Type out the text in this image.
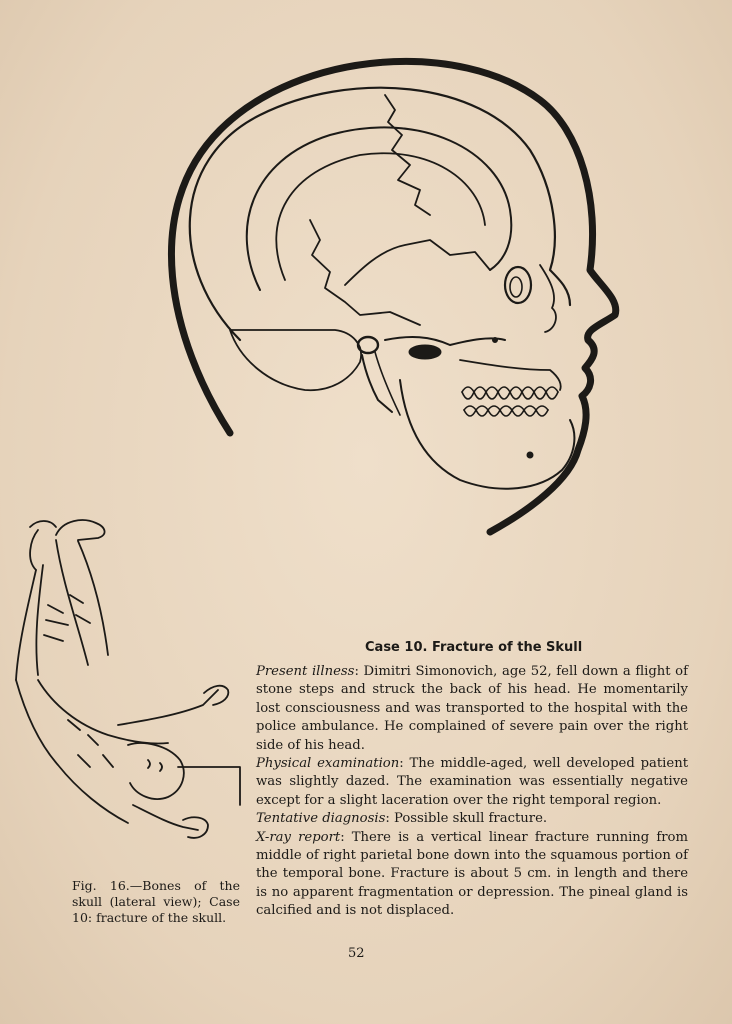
Fig. 16.—Bones of the skull (lateral view); Case 10: fracture of the skull.
Case 10. Fracture of the Skull

Present illness: Dimitri Simonovich, age 52, fell down a flight of stone steps and struck the back of his head. He momentarily lost consciousness and was transported to the hospital with the police ambulance. He complained of severe pain over the right side of his head.

Physical examination: The middle-aged, well developed patient was slightly dazed. The examination was essentially negative except for a slight laceration over the right temporal region.

Tentative diagnosis: Possible skull fracture.

X-ray report: There is a vertical linear fracture running from middle of right parietal bone down into the squamous portion of the temporal bone. Fracture is about 5 cm. in length and there is no apparent fragmentation or depression. The pineal gland is calcified and is not displaced.

52
